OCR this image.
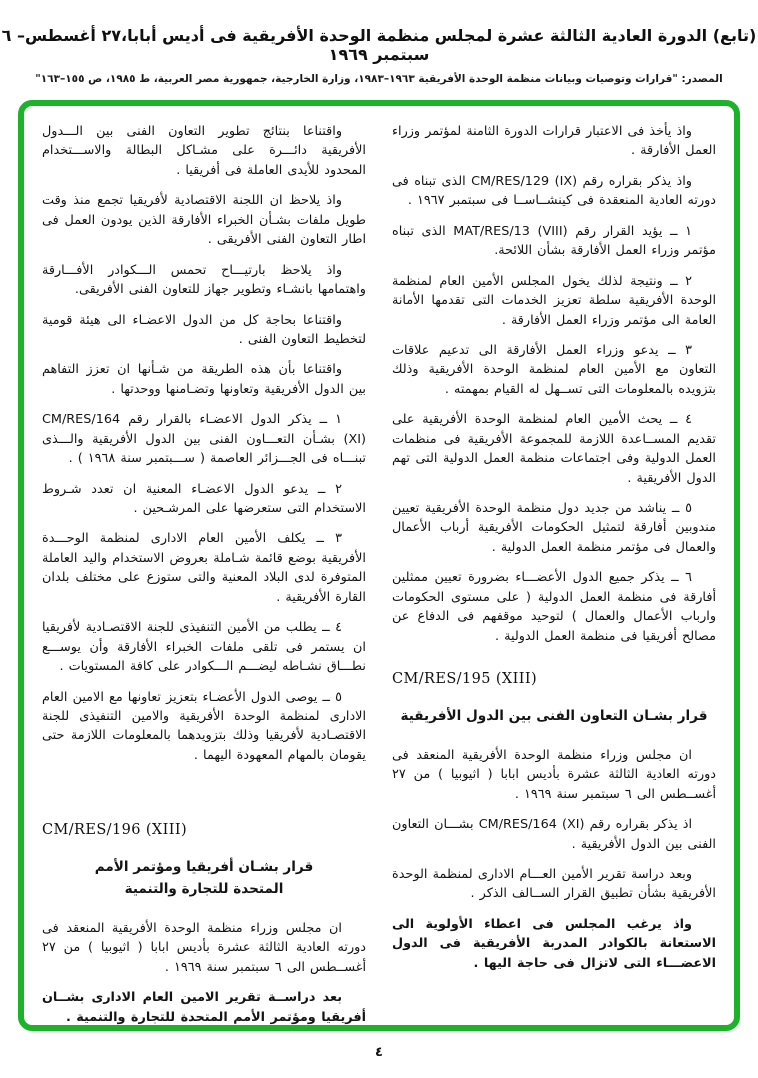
(تابع) الدورة العادية الثالثة عشرة لمجلس منظمة الوحدة الأفريقية فى أديس أبابا،٢٧ أغسطس– ٦ سبتمبر ١٩٦٩
المصدر: "قرارات وتوصيات وبيانات منظمة الوحدة الأفريقية ١٩٦٣–١٩٨٣، وزارة الخارجية، جمهورية مصر العربية، ط ١٩٨٥، ص ١٥٥–١٦٣"

واذ يأخذ فى الاعتبار قرارات الدورة الثامنة لمؤتمر وزراء العمل الأفارقة .

واذ يذكر بقراره رقم CM/RES/129 (IX) الذى تبناه فى دورته العادية المنعقدة فى كينشــاســا فى سبتمبر ١٩٦٧ .

١ ــ يؤيد القرار رقم MAT/RES/13 (VIII) الذى تبناه مؤتمر وزراء العمل الأفارقة بشأن اللائحة.

٢ ــ ونتيجة لذلك يخول المجلس الأمين العام لمنظمة الوحدة الأفريقية سلطة تعزيز الخدمات التى تقدمها الأمانة العامة الى مؤتمر وزراء العمل الأفارقة .

٣ ــ يدعو وزراء العمل الأفارقة الى تدعيم علاقات التعاون مع الأمين العام لمنظمة الوحدة الأفريقية وذلك بتزويده بالمعلومات التى تســهل له القيام بمهمته .

٤ ــ يحث الأمين العام لمنظمة الوحدة الأفريقية على تقديم المســاعدة اللازمة للمجموعة الأفريقية فى منظمات العمل الدولية وفى اجتماعات منظمة العمل الدولية التى تهم الدول الأفريقية .

٥ ــ يناشد من جديد دول منظمة الوحدة الأفريقية تعيين مندوبين أفارقة لتمثيل الحكومات الأفريقية أرباب الأعمال والعمال فى مؤتمر منظمة العمل الدولية .

٦ ــ يذكر جميع الدول الأعضـــاء بضرورة تعيين ممثلين أفارقة فى منظمة العمل الدولية ( على مستوى الحكومات وارباب الأعمال والعمال ) لتوحيد موقفهم فى الدفاع عن مصالح أفريقيا فى منظمة العمل الدولية .

CM/RES/195 (XIII)

قرار بشـان التعاون الفنى بين الدول الأفريقية

ان مجلس وزراء منظمة الوحدة الأفريقية المنعقد فى دورته العادية الثالثة عشرة بأديس ابابا ( اثيوبيا ) من ٢٧ أغســطس الى ٦ سبتمبر سنة ١٩٦٩ .

اذ يذكر بقراره رقم CM/RES/164 (XI) بشـــان التعاون الفنى بين الدول الأفريقية .

وبعد دراسة تقرير الأمين العـــام الادارى لمنظمة الوحدة الأفريقية بشأن تطبيق القرار الســالف الذكر .

واذ يرغب المجلس فى اعطاء الأولوية الى الاستعانة بالكوادر المدربة الأفريقية فى الدول الاعضـــاء التى لاتزال فى حاجة اليها .

واقتناعا بنتائج تطوير التعاون الفنى بين الـــدول الأفريقية دائـــرة على مشـاكل البطالة والاســـتخدام المحدود للأيدى العاملة فى أفريقيا .

واذ يلاحظ ان اللجنة الاقتصادية لأفريقيا تجمع منذ وقت طويل ملفات بشـأن الخبراء الأفارقة الذين يودون العمل فى اطار التعاون الفنى الأفريقى .

واذ يلاحظ بارتيـــاح تحمس الـــكوادر الأفـــارقة واهتمامها بانشـاء وتطوير جهاز للتعاون الفنى الأفريقى.

واقتناعا بحاجة كل من الدول الاعضـاء الى هيئة قومية لتخطيط التعاون الفنى .

واقتناعا بأن هذه الطريقة من شـأنها ان تعزز التفاهم بين الدول الأفريقية وتعاونها وتضـامنها ووحدتها .

١ ــ يذكر الدول الاعضـاء بالقرار رقم CM/RES/164 (XI) بشـأن التعـــاون الفنى بين الدول الأفريقية والـــذى تبنـــاه فى الجـــزائر العاصمة ( ســـبتمبر سنة ١٩٦٨ ) .

٢ ــ يدعو الدول الاعضـاء المعنية ان تعدد شـروط الاستخدام التى ستعرضها على المرشـحين .

٣ ــ يكلف الأمين العام الادارى لمنظمة الوحـــدة الأفريقية بوضع قائمة شـاملة بعروض الاستخدام واليد العاملة المتوفرة لدى البلاد المعنية والتى ستوزع على مختلف بلدان القارة الأفريقية .

٤ ــ يطلب من الأمين التنفيذى للجنة الاقتصـادية لأفريقيا ان يستمر فى تلقى ملفات الخبراء الأفارقة وأن يوســـع نطـــاق نشـاطه ليضـــم الـــكوادر على كافة المستويات .

٥ ــ يوصى الدول الأعضـاء بتعزيز تعاونها مع الامين العام الادارى لمنظمة الوحدة الأفريقية والامين التنفيذى للجنة الاقتصـادية لأفريقيا وذلك بتزويدهما بالمعلومات اللازمة حتى يقومان بالمهام المعهودة اليهما .

CM/RES/196 (XIII)

قرار بشـان أفريقيا ومؤتمر الأمم المتحدة للتجارة والتنمية

ان مجلس وزراء منظمة الوحدة الأفريقية المنعقد فى دورته العادية الثالثة عشرة بأديس ابابا ( اثيوبيا ) من ٢٧ أغســطس الى ٦ سبتمبر سنة ١٩٦٩ .

بعد دراســة تقرير الامين العام الادارى بشــان أفريقيا ومؤتمر الأمم المتحدة للتجارة والتنمية .

٤
